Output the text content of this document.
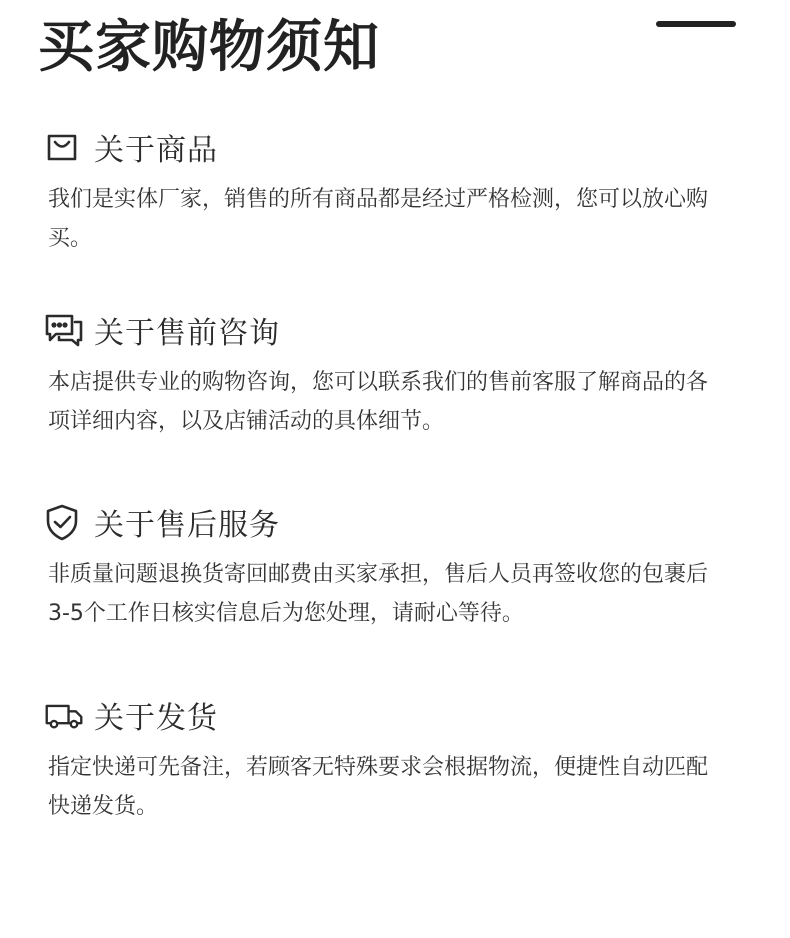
买家购物须知
关于商品
我们是实体厂家，销售的所有商品都是经过严格检测，您可以放心购买。
关于售前咨询
本店提供专业的购物咨询，您可以联系我们的售前客服了解商品的各项详细内容，以及店铺活动的具体细节。
关于售后服务
非质量问题退换货寄回邮费由买家承担，售后人员再签收您的包裹后3-5个工作日核实信息后为您处理，请耐心等待。
关于发货
指定快递可先备注，若顾客无特殊要求会根据物流，便捷性自动匹配快递发货。
